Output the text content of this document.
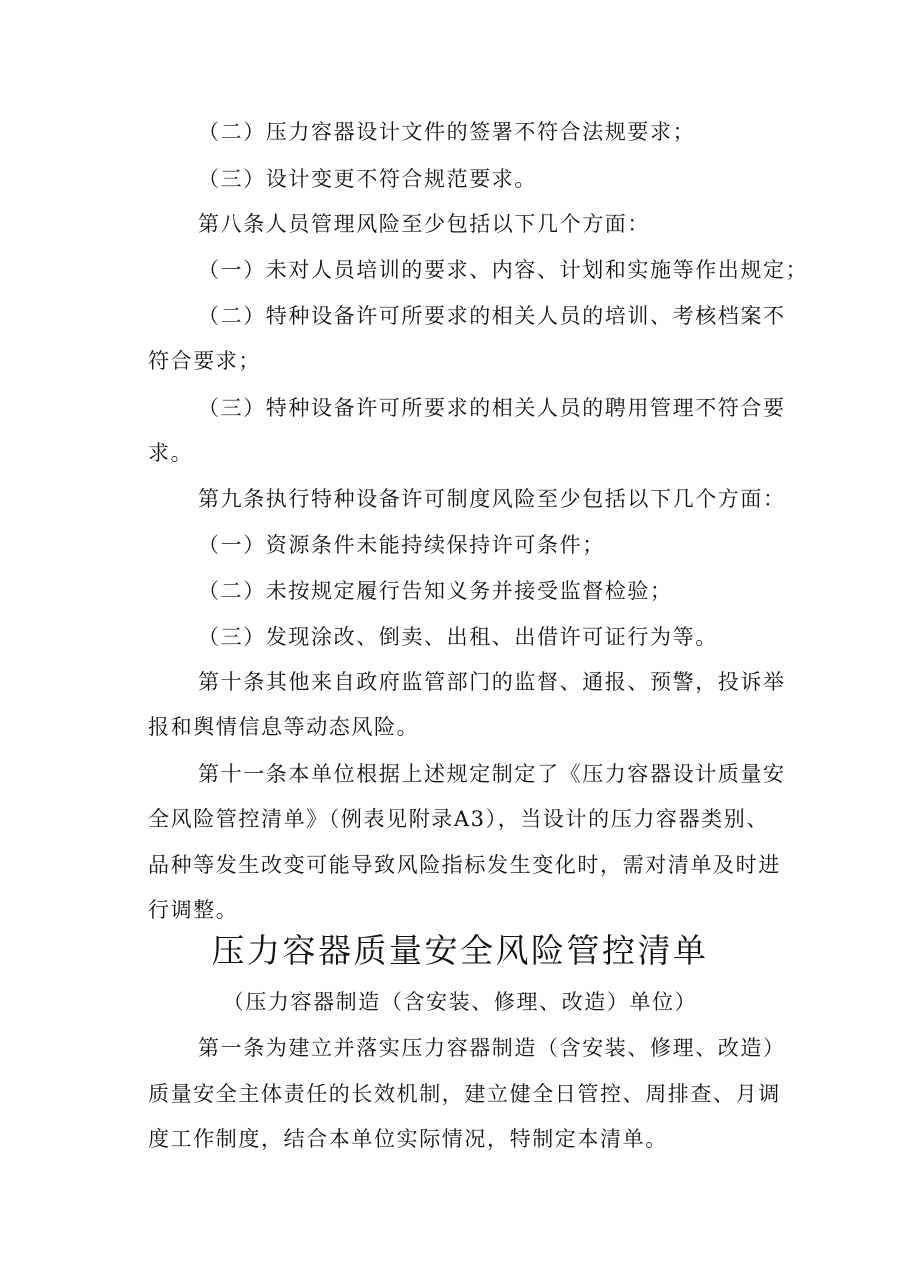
（二）压力容器设计文件的签署不符合法规要求；
（三）设计变更不符合规范要求。
第八条人员管理风险至少包括以下几个方面：
（一）未对人员培训的要求、内容、计划和实施等作出规定；
（二）特种设备许可所要求的相关人员的培训、考核档案不
符合要求；
（三）特种设备许可所要求的相关人员的聘用管理不符合要
求。
第九条执行特种设备许可制度风险至少包括以下几个方面：
（一）资源条件未能持续保持许可条件；
（二）未按规定履行告知义务并接受监督检验；
（三）发现涂改、倒卖、出租、出借许可证行为等。
第十条其他来自政府监管部门的监督、通报、预警，投诉举
报和舆情信息等动态风险。
第十一条本单位根据上述规定制定了《压力容器设计质量安
全风险管控清单》（例表见附录A3），当设计的压力容器类别、
品种等发生改变可能导致风险指标发生变化时，需对清单及时进
行调整。
压力容器质量安全风险管控清单
（压力容器制造（含安装、修理、改造）单位）
第一条为建立并落实压力容器制造（含安装、修理、改造）
质量安全主体责任的长效机制，建立健全日管控、周排查、月调
度工作制度，结合本单位实际情况，特制定本清单。
